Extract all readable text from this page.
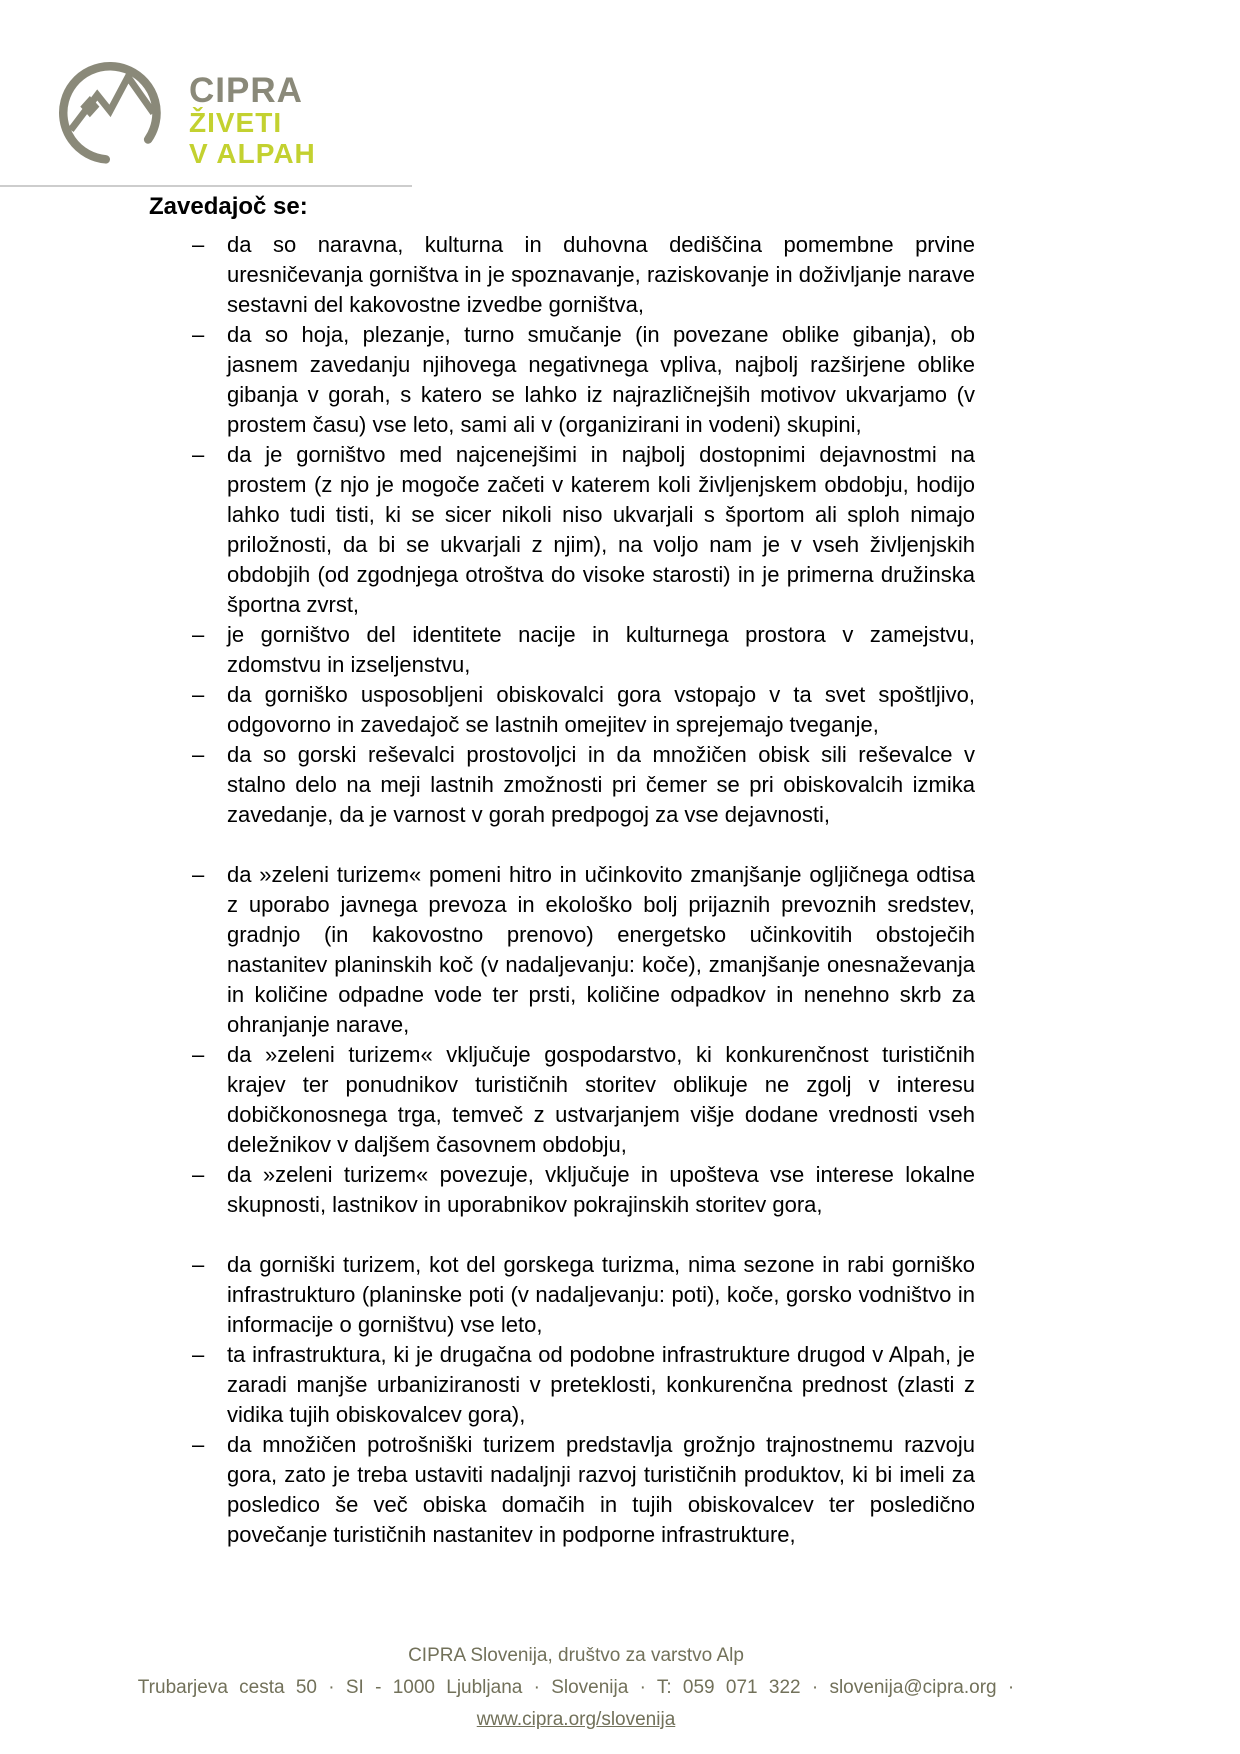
CIPRA
ŽIVETI
V ALPAH
Zavedajoč se:
–	da so naravna, kulturna in duhovna dediščina pomembne prvine uresničevanja gorništva in je spoznavanje, raziskovanje in doživljanje narave sestavni del kakovostne izvedbe gorništva,
–	da so hoja, plezanje, turno smučanje (in povezane oblike gibanja), ob jasnem zavedanju njihovega negativnega vpliva, najbolj razširjene oblike gibanja v gorah, s katero se lahko iz najrazličnejših motivov ukvarjamo (v prostem času) vse leto, sami ali v (organizirani in vodeni) skupini,
–	da je gorništvo med najcenejšimi in najbolj dostopnimi dejavnostmi na prostem (z njo je mogoče začeti v katerem koli življenjskem obdobju, hodijo lahko tudi tisti, ki se sicer nikoli niso ukvarjali s športom ali sploh nimajo priložnosti, da bi se ukvarjali z njim), na voljo nam je v vseh življenjskih obdobjih (od zgodnjega otroštva do visoke starosti) in je primerna družinska športna zvrst,
–	je gorništvo del identitete nacije in kulturnega prostora v zamejstvu, zdomstvu in izseljenstvu,
–	da gorniško usposobljeni obiskovalci gora vstopajo v ta svet spoštljivo, odgovorno in zavedajoč se lastnih omejitev in sprejemajo tveganje,
–	da so gorski reševalci prostovoljci in da množičen obisk sili reševalce v stalno delo na meji lastnih zmožnosti pri čemer se pri obiskovalcih izmika zavedanje, da je varnost v gorah predpogoj za vse dejavnosti,
–	da »zeleni turizem« pomeni hitro in učinkovito zmanjšanje ogljičnega odtisa z uporabo javnega prevoza in ekološko bolj prijaznih prevoznih sredstev, gradnjo (in kakovostno prenovo) energetsko učinkovitih obstoječih nastanitev planinskih koč (v nadaljevanju: koče), zmanjšanje onesnaževanja in količine odpadne vode ter prsti, količine odpadkov in nenehno skrb za ohranjanje narave,
–	da »zeleni turizem« vključuje gospodarstvo, ki konkurenčnost turističnih krajev ter ponudnikov turističnih storitev oblikuje ne zgolj v interesu dobičkonosnega trga, temveč z ustvarjanjem višje dodane vrednosti vseh deležnikov v daljšem časovnem obdobju,
–	da »zeleni turizem« povezuje, vključuje in upošteva vse interese lokalne skupnosti, lastnikov in uporabnikov pokrajinskih storitev gora,
–	da gorniški turizem, kot del gorskega turizma, nima sezone in rabi gorniško infrastrukturo (planinske poti (v nadaljevanju: poti), koče, gorsko vodništvo in informacije o gorništvu) vse leto,
–	ta infrastruktura, ki je drugačna od podobne infrastrukture drugod v Alpah, je zaradi manjše urbaniziranosti v preteklosti, konkurenčna prednost (zlasti z vidika tujih obiskovalcev gora),
–	da množičen potrošniški turizem predstavlja grožnjo trajnostnemu razvoju gora, zato je treba ustaviti nadaljnji razvoj turističnih produktov, ki bi imeli za posledico še več obiska domačih in tujih obiskovalcev ter posledično povečanje turističnih nastanitev in podporne infrastrukture,
CIPRA Slovenija, društvo za varstvo Alp
Trubarjeva cesta 50 · SI - 1000 Ljubljana · Slovenija · T: 059 071 322 · slovenija@cipra.org ·
www.cipra.org/slovenija
